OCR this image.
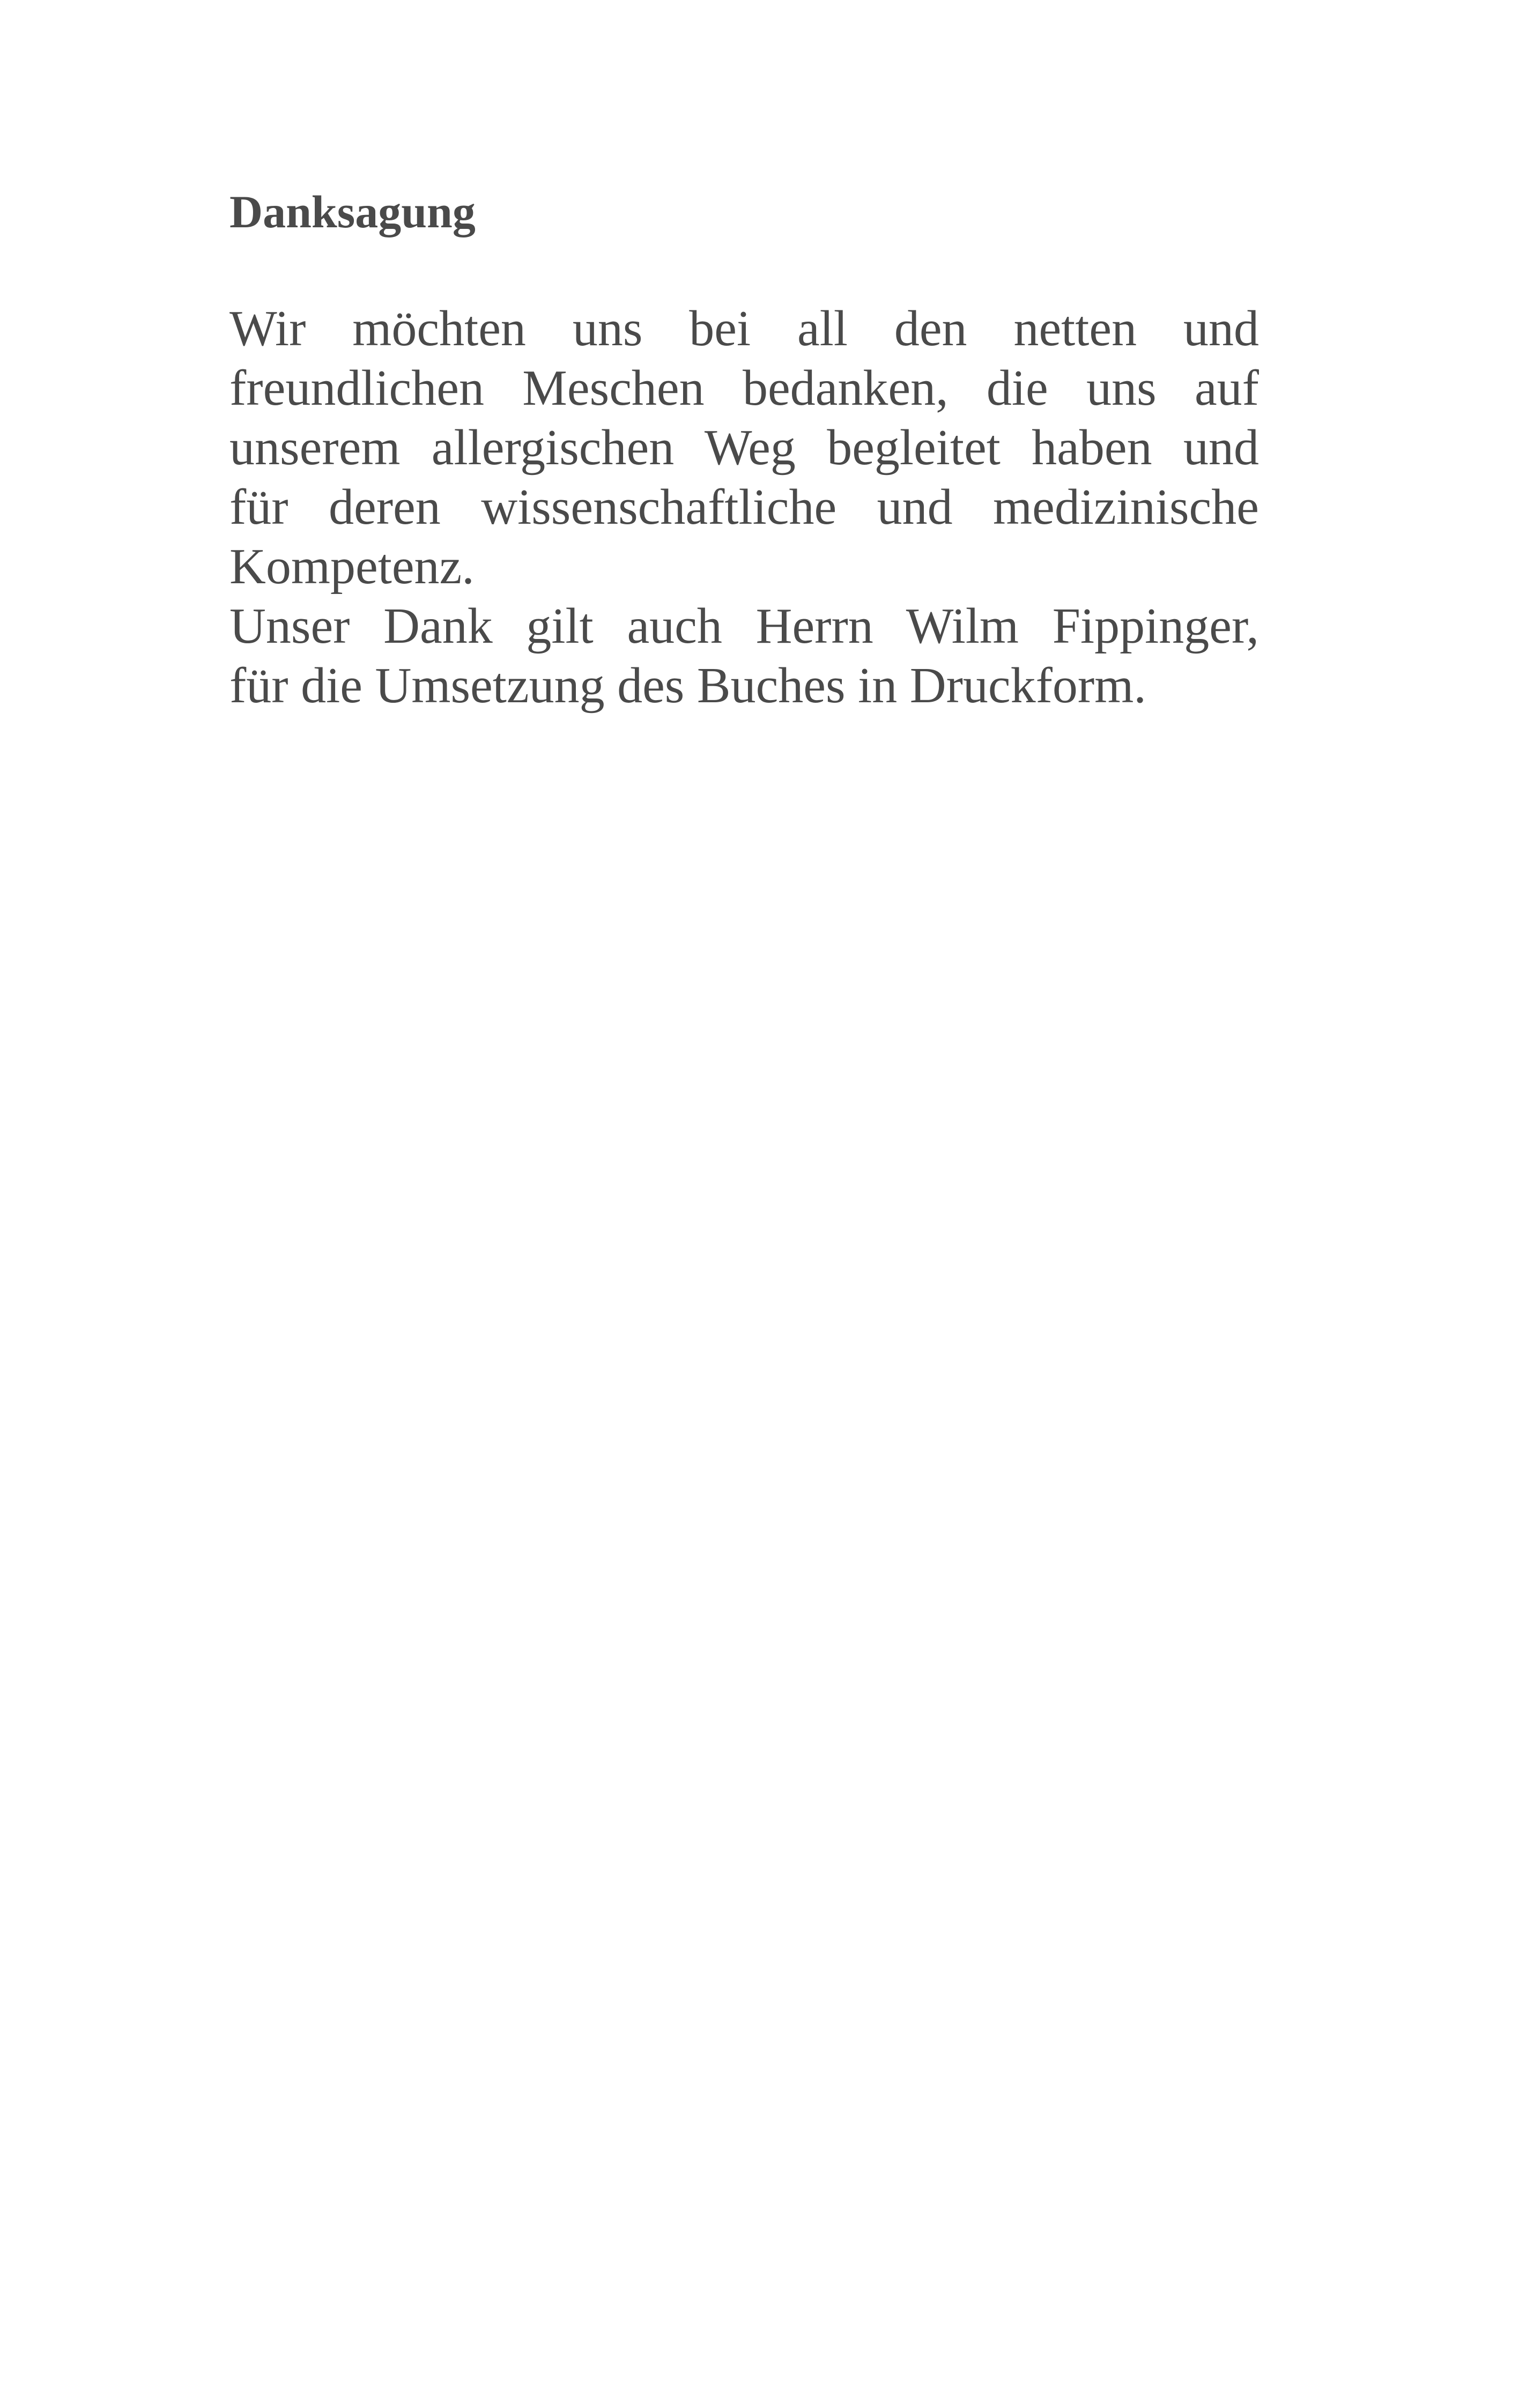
Danksagung
Wir möchten uns bei all den netten und
freundlichen Meschen bedanken, die uns auf
unserem allergischen Weg begleitet haben und
für deren wissenschaftliche und medizinische
Kompetenz.
Unser Dank gilt auch Herrn Wilm Fippinger,
für die Umsetzung des Buches in Druckform.
